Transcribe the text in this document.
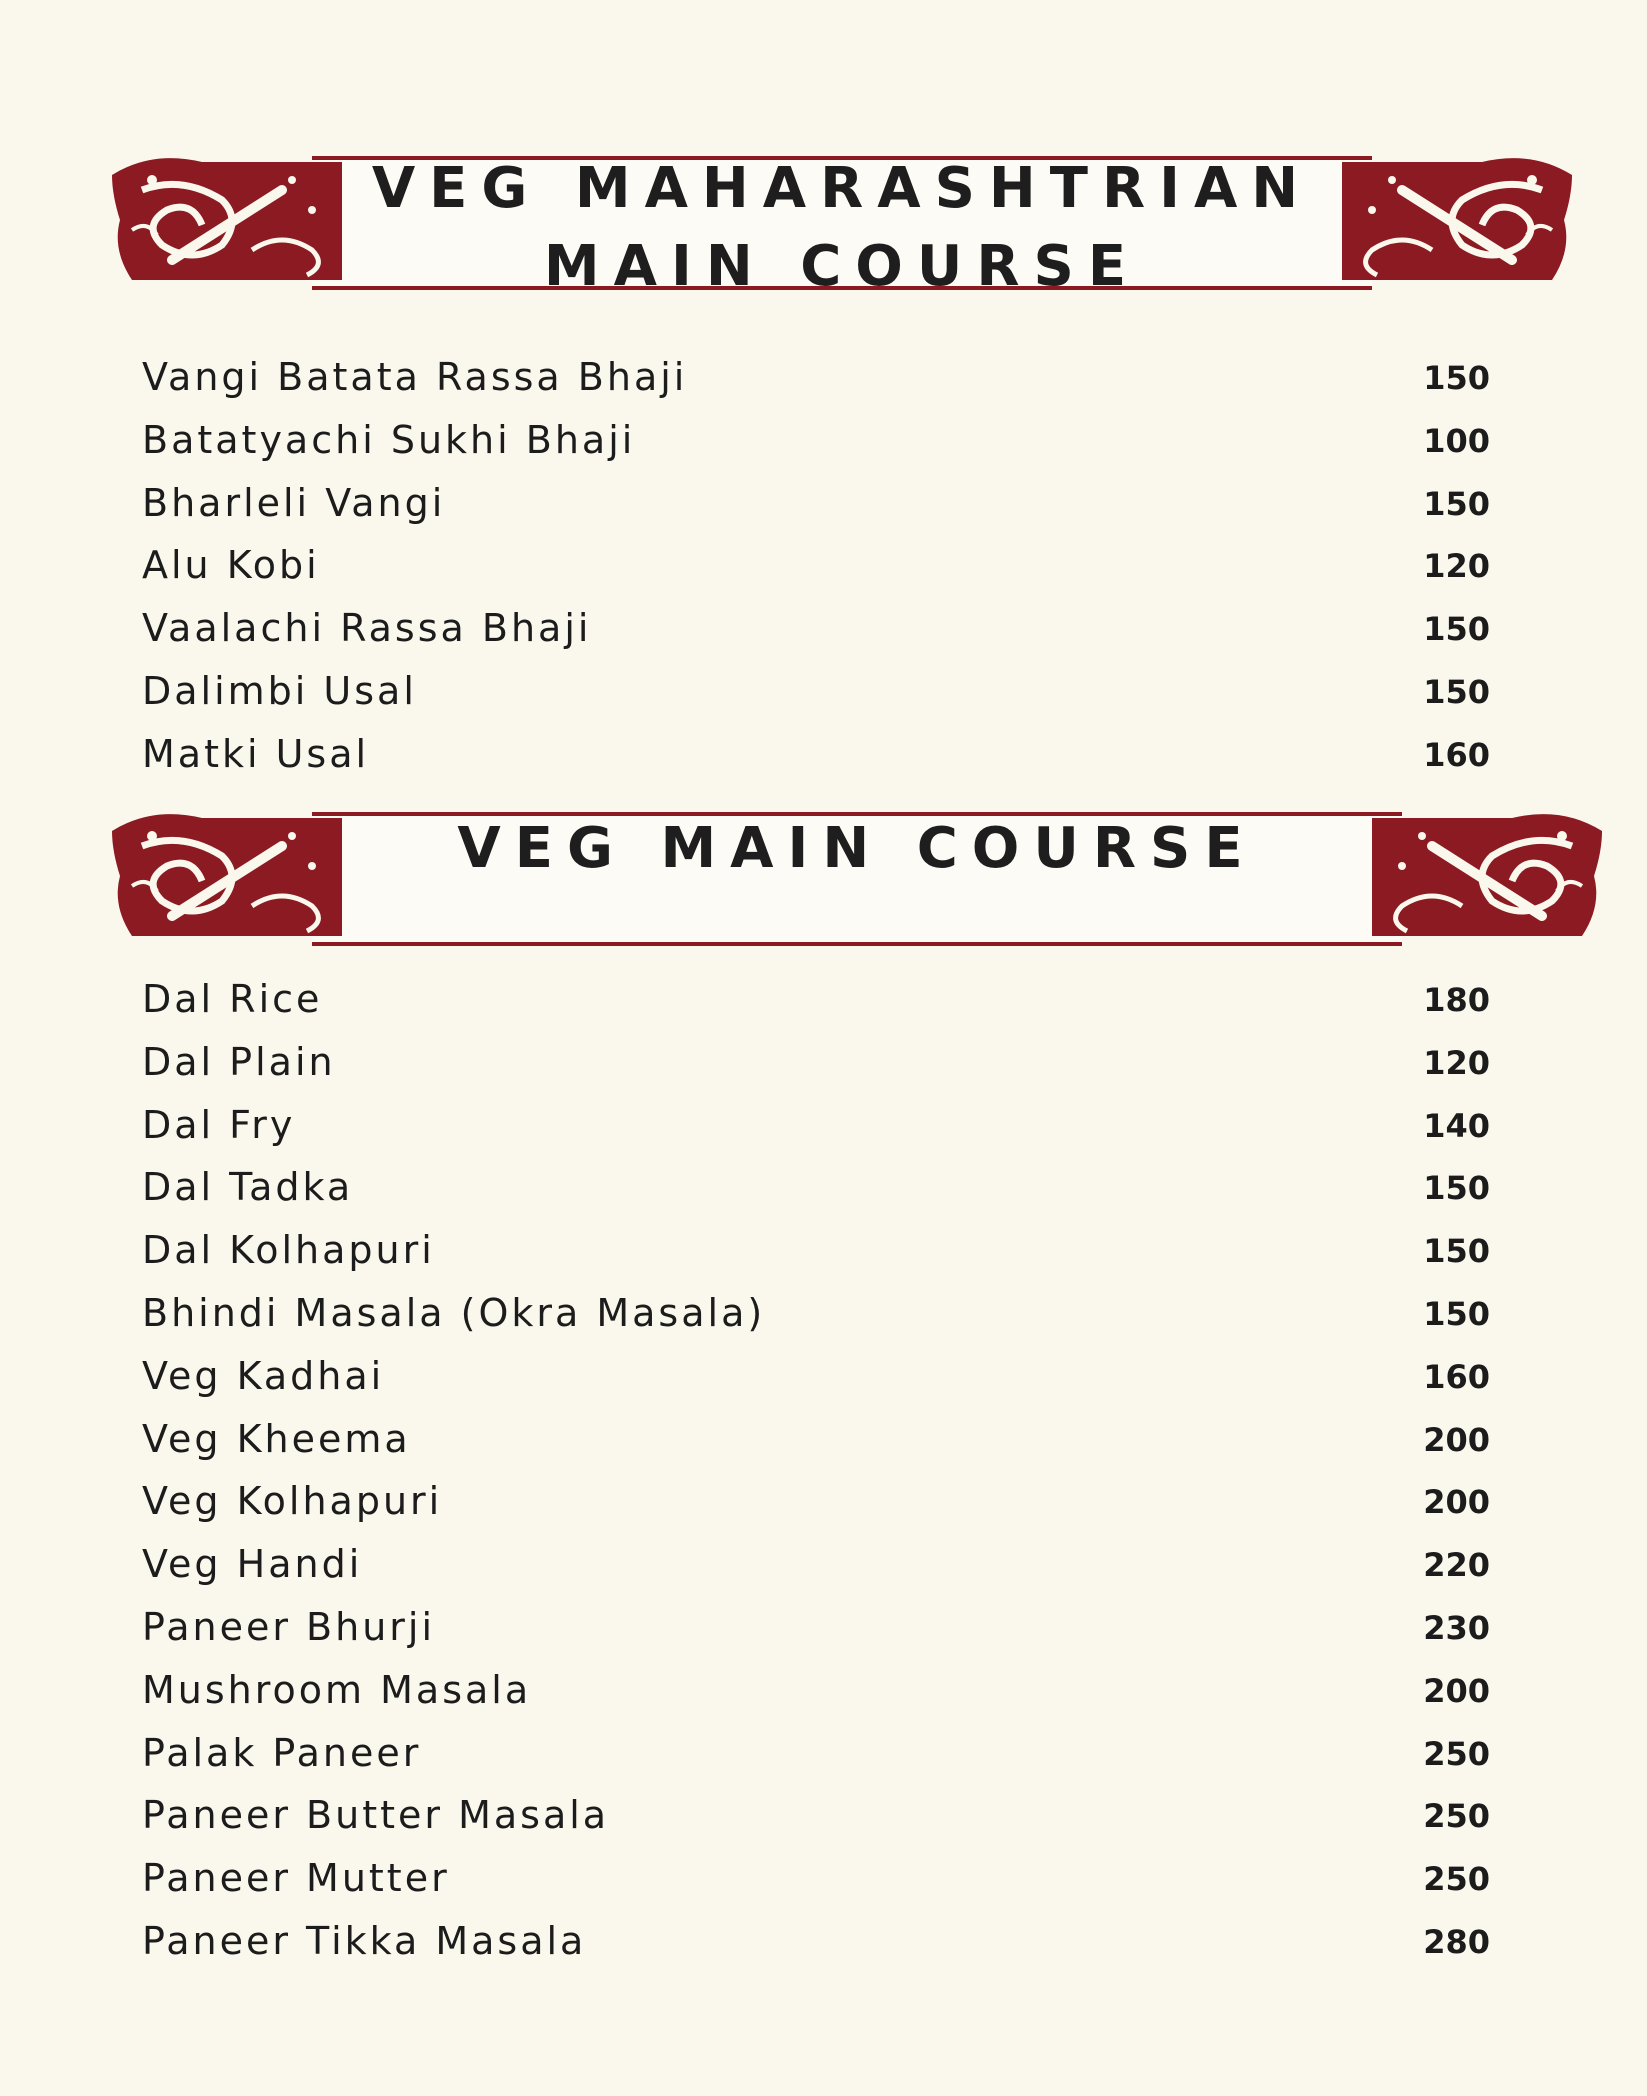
VEG MAHARASHTRIAN MAIN COURSE
Vangi Batata Rassa Bhaji	150
Batatyachi Sukhi Bhaji	100
Bharleli Vangi	150
Alu Kobi	120
Vaalachi Rassa Bhaji	150
Dalimbi Usal	150
Matki Usal	160
VEG MAIN COURSE
Dal Rice	180
Dal Plain	120
Dal Fry	140
Dal Tadka	150
Dal Kolhapuri	150
Bhindi Masala (Okra Masala)	150
Veg Kadhai	160
Veg Kheema	200
Veg Kolhapuri	200
Veg Handi	220
Paneer Bhurji	230
Mushroom Masala	200
Palak Paneer	250
Paneer Butter Masala	250
Paneer Mutter	250
Paneer Tikka Masala	280
